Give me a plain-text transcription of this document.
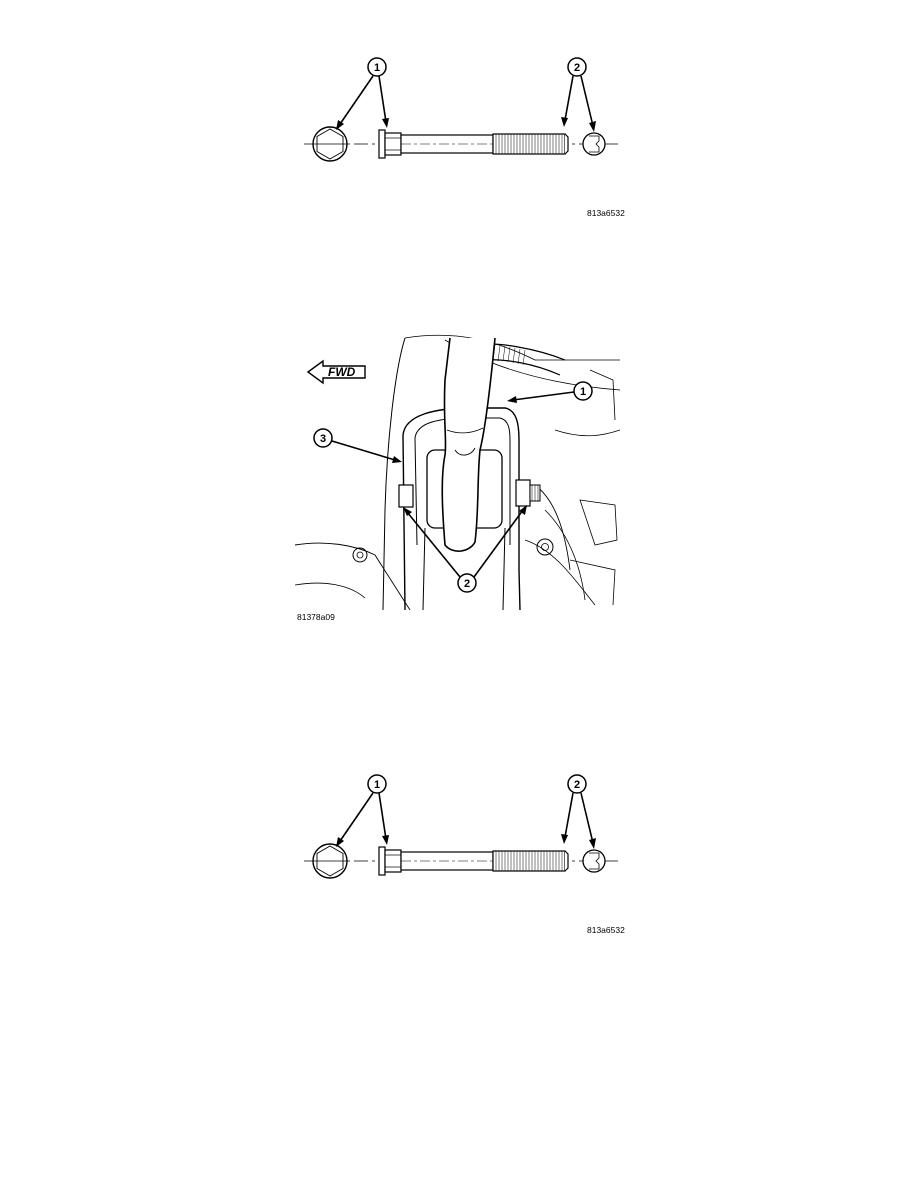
1	2
813a6532
FWD
1
3
2
81378a09
1	2
813a6532
